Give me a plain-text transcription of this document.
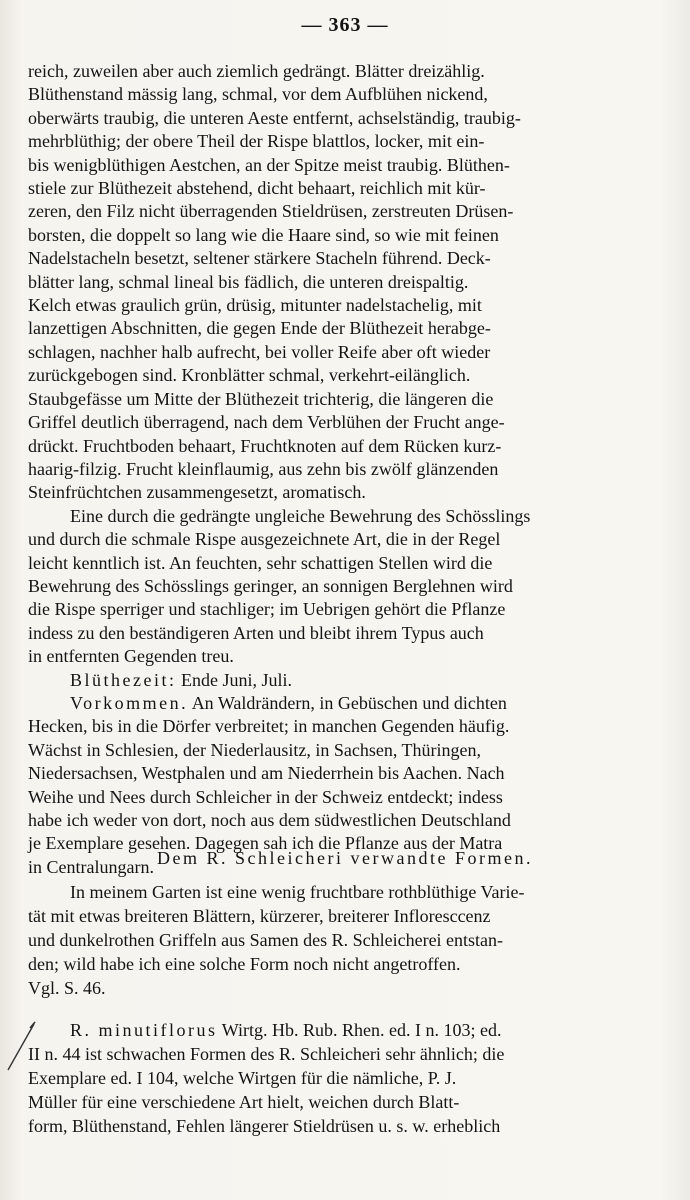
— 363 —

reich, zuweilen aber auch ziemlich gedrängt. Blätter dreizählig.

Blüthenstand mässig lang, schmal, vor dem Aufblühen nickend,

oberwärts traubig, die unteren Aeste entfernt, achselständig, traubig-

mehrblüthig; der obere Theil der Rispe blattlos, locker, mit ein-

bis wenigblüthigen Aestchen, an der Spitze meist traubig. Blüthen-

stiele zur Blüthezeit abstehend, dicht behaart, reichlich mit kür-

zeren, den Filz nicht überragenden Stieldrüsen, zerstreuten Drüsen-

borsten, die doppelt so lang wie die Haare sind, so wie mit feinen

Nadelstacheln besetzt, seltener stärkere Stacheln führend. Deck-

blätter lang, schmal lineal bis fädlich, die unteren dreispaltig.

Kelch etwas graulich grün, drüsig, mitunter nadelstachelig, mit

lanzettigen Abschnitten, die gegen Ende der Blüthezeit herabge-

schlagen, nachher halb aufrecht, bei voller Reife aber oft wieder

zurückgebogen sind. Kronblätter schmal, verkehrt-eilänglich.

Staubgefässe um Mitte der Blüthezeit trichterig, die längeren die

Griffel deutlich überragend, nach dem Verblühen der Frucht ange-

drückt. Fruchtboden behaart, Fruchtknoten auf dem Rücken kurz-

haarig-filzig. Frucht kleinflaumig, aus zehn bis zwölf glänzenden

Steinfrüchtchen zusammengesetzt, aromatisch.

Eine durch die gedrängte ungleiche Bewehrung des Schösslings

und durch die schmale Rispe ausgezeichnete Art, die in der Regel

leicht kenntlich ist. An feuchten, sehr schattigen Stellen wird die

Bewehrung des Schösslings geringer, an sonnigen Berglehnen wird

die Rispe sperriger und stachliger; im Uebrigen gehört die Pflanze

indess zu den beständigeren Arten und bleibt ihrem Typus auch

in entfernten Gegenden treu.

Blüthezeit: Ende Juni, Juli.

Vorkommen. An Waldrändern, in Gebüschen und dichten

Hecken, bis in die Dörfer verbreitet; in manchen Gegenden häufig.

Wächst in Schlesien, der Niederlausitz, in Sachsen, Thüringen,

Niedersachsen, Westphalen und am Niederrhein bis Aachen. Nach

Weihe und Nees durch Schleicher in der Schweiz entdeckt; indess

habe ich weder von dort, noch aus dem südwestlichen Deutschland

je Exemplare gesehen. Dagegen sah ich die Pflanze aus der Matra

in Centralungarn. Dem R. Schleicheri verwandte Formen.

In meinem Garten ist eine wenig fruchtbare rothblüthige Varie-

tät mit etwas breiteren Blättern, kürzerer, breiterer Infloresccenz

und dunkelrothen Griffeln aus Samen des R. Schleicherei entstan-

den; wild habe ich eine solche Form noch nicht angetroffen.

Vgl. S. 46.

R. minutiflorus Wirtg. Hb. Rub. Rhen. ed. I n. 103; ed.

II n. 44 ist schwachen Formen des R. Schleicheri sehr ähnlich; die

Exemplare ed. I 104, welche Wirtgen für die nämliche, P. J.

Müller für eine verschiedene Art hielt, weichen durch Blatt-

form, Blüthenstand, Fehlen längerer Stieldrüsen u. s. w. erheblich
